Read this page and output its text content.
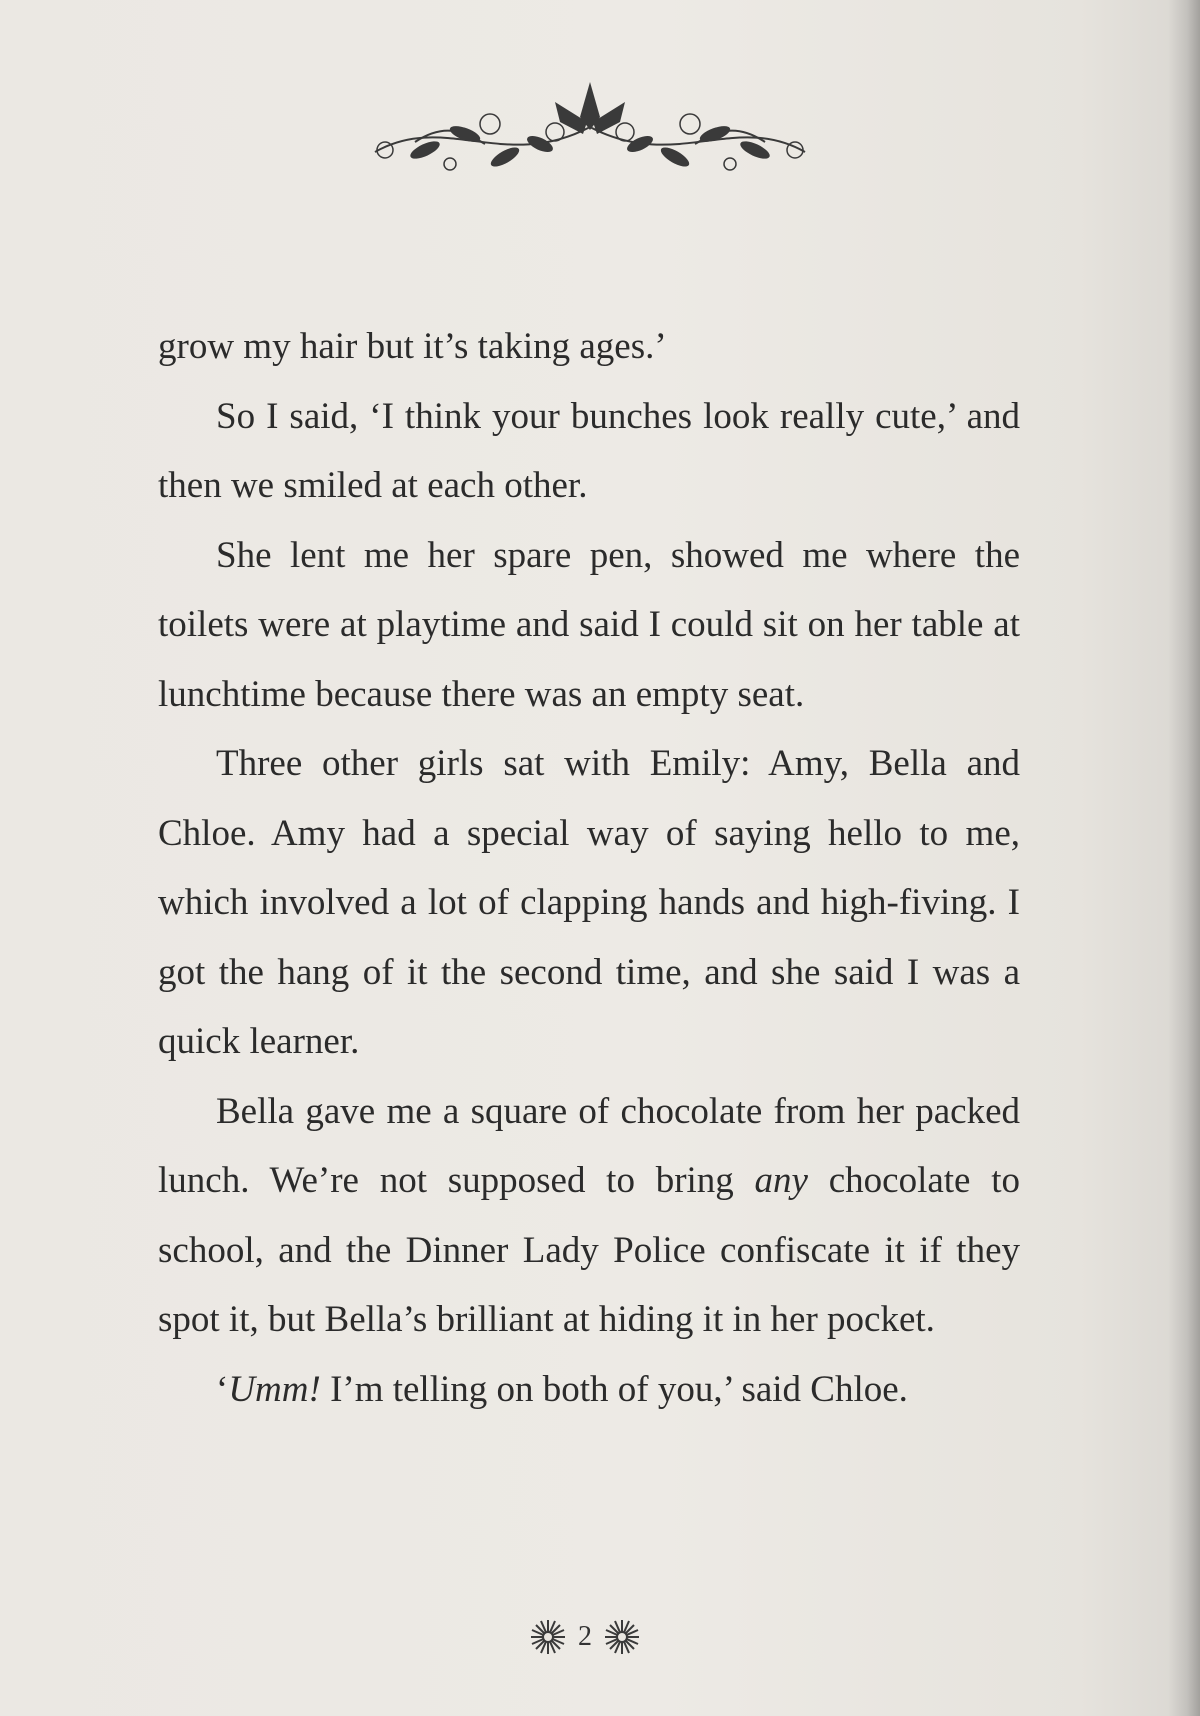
grow my hair but it’s taking ages.’

So I said, ‘I think your bunches look really cute,’ and then we smiled at each other.

She lent me her spare pen, showed me where the toilets were at playtime and said I could sit on her table at lunchtime because there was an empty seat.

Three other girls sat with Emily: Amy, Bella and Chloe. Amy had a special way of saying hello to me, which involved a lot of clapping hands and high-fiving. I got the hang of it the second time, and she said I was a quick learner.

Bella gave me a square of chocolate from her packed lunch. We’re not supposed to bring any chocolate to school, and the Dinner Lady Police confiscate it if they spot it, but Bella’s brilliant at hiding it in her pocket.

‘Umm! I’m telling on both of you,’ said Chloe.

2
